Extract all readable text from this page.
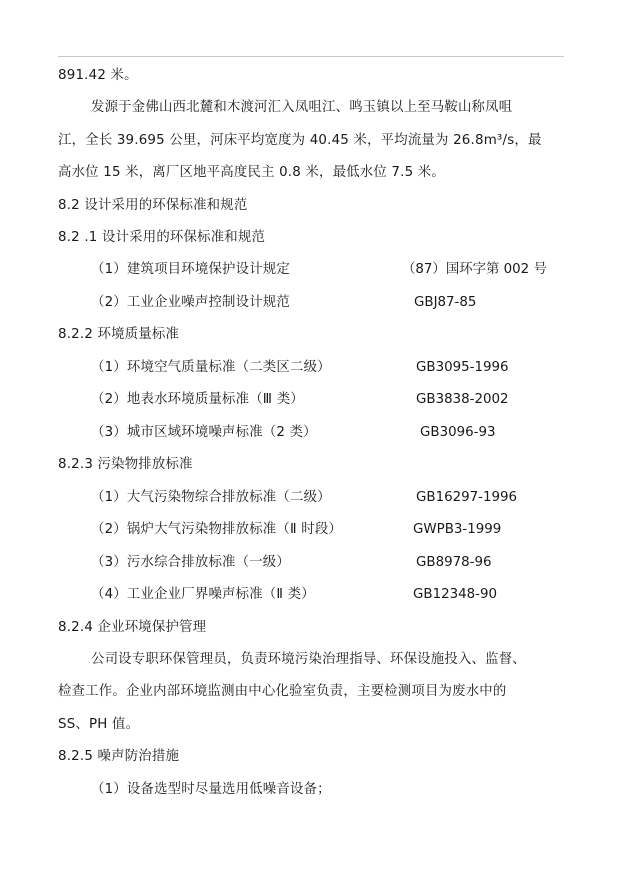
891.42 米。
发源于金佛山西北麓和木渡河汇入凤咀江、鸣玉镇以上至马鞍山称凤咀
江，全长 39.695 公里，河床平均宽度为 40.45 米，平均流量为 26.8m³/s，最
高水位 15 米，离厂区地平高度民主 0.8 米，最低水位 7.5 米。
8.2 设计采用的环保标准和规范
8.2 .1 设计采用的环保标准和规范
（1）建筑项目环境保护设计规定	（87）国环字第 002 号
（2）工业企业噪声控制设计规范	GBJ87-85
8.2.2 环境质量标准
（1）环境空气质量标准（二类区二级）	GB3095-1996
（2）地表水环境质量标准（Ⅲ 类）	GB3838-2002
（3）城市区域环境噪声标准（2 类）	GB3096-93
8.2.3 污染物排放标准
（1）大气污染物综合排放标准（二级）	GB16297-1996
（2）锅炉大气污染物排放标准（Ⅱ 时段）	GWPB3-1999
（3）污水综合排放标准（一级）	GB8978-96
（4）工业企业厂界噪声标准（Ⅱ 类）	GB12348-90
8.2.4 企业环境保护管理
公司设专职环保管理员，负责环境污染治理指导、环保设施投入、监督、
检查工作。企业内部环境监测由中心化验室负责，主要检测项目为废水中的
SS、PH 值。
8.2.5 噪声防治措施
（1）设备选型时尽量选用低噪音设备；
